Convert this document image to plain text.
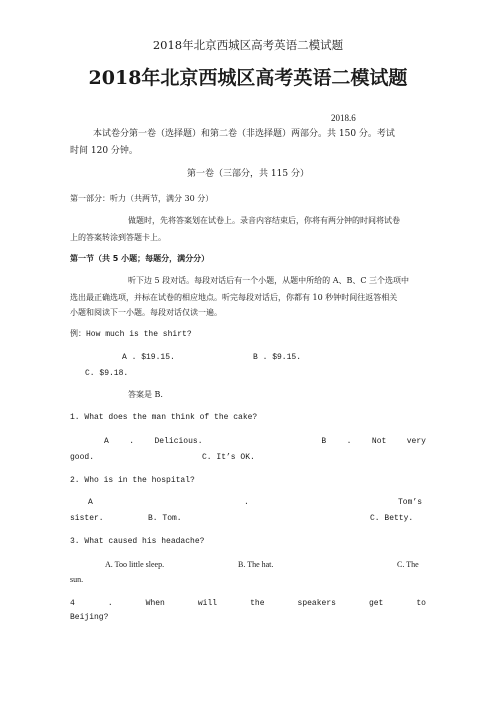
2018年北京西城区高考英语二模试题
2018年北京西城区高考英语二模试题
2018.6
本试卷分第一卷（选择题）和第二卷（非选择题）两部分。共 150 分。考试
时间 120 分钟。
第一卷（三部分，共 115 分）
第一部分：听力（共两节，满分 30 分）
做题时，先将答案划在试卷上。录音内容结束后，你将有两分钟的时间将试卷
上的答案转涂到答题卡上。
第一节（共 5 小题；每题分，满分分）
听下边 5 段对话。每段对话后有一个小题，从题中所给的 A、B、C 三个选项中
选出最正确选项，并标在试卷的相应地点。听完每段对话后，你都有 10 秒钟时间往返答相关
小题和阅读下一小题。每段对话仅读一遍。
例：How much is the shirt?
A . $19.15.	B . $9.15.
C. $9.18.
答案是 B.
1. What does the man think of the cake?
A	.	Delicious.	B	.	Not	very
good.	C. It’s OK.
2. Who is in the hospital?
A	.	Tom’s
sister.	B. Tom.	C. Betty.
3. What caused his headache?
A. Too little sleep.	B. The hat.	C. The
sun.
4	.	When	will	the	speakers	get	to
Beijing?
